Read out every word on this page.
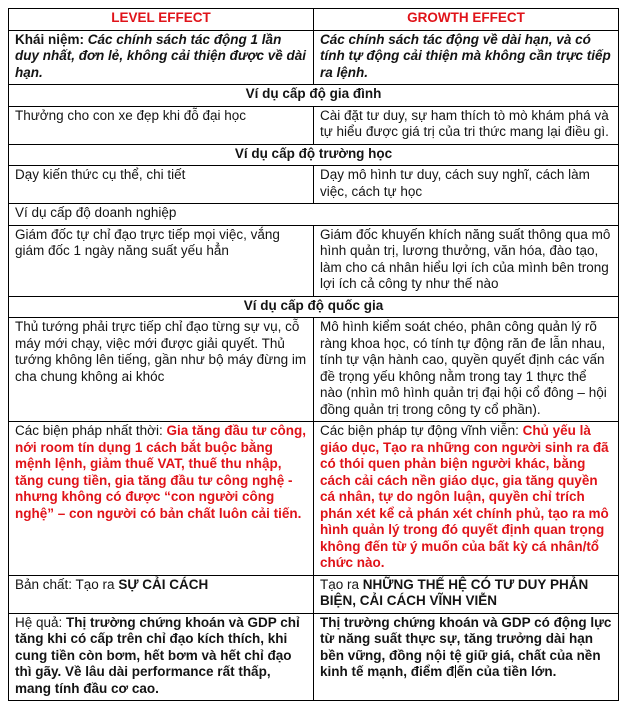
LEVEL EFFECT	GROWTH EFFECT
Khái niệm: Các chính sách tác động 1 lần duy nhất, đơn lẻ, không cải thiện được về dài hạn.	Các chính sách tác động về dài hạn, và có tính tự động cải thiện mà không cần trực tiếp ra lệnh.
Ví dụ cấp độ gia đình	
Thưởng cho con xe đẹp khi đỗ đại học	Cài đặt tư duy, sự ham thích tò mò khám phá và tự hiểu được giá trị của tri thức mang lại điều gì.
Ví dụ cấp độ trường học	
Dạy kiến thức cụ thể, chi tiết	Dạy mô hình tư duy, cách suy nghĩ, cách làm việc, cách tự học
Ví dụ cấp độ doanh nghiệp	
Giám đốc tự chỉ đạo trực tiếp mọi việc, vắng giám đốc 1 ngày năng suất yếu hẳn	Giám đốc khuyến khích năng suất thông qua mô hình quản trị, lương thưởng, văn hóa, đào tạo, làm cho cá nhân hiểu lợi ích của mình bên trong lợi ích cả công ty như thế nào
Ví dụ cấp độ quốc gia	
Thủ tướng phải trực tiếp chỉ đạo từng sự vụ, cỗ máy mới chạy, việc mới được giải quyết. Thủ tướng không lên tiếng, gần như bộ máy đừng im cha chung không ai khóc	Mô hình kiểm soát chéo, phân công quản lý rõ ràng khoa học, có tính tự động răn đe lẫn nhau, tính tự vận hành cao, quyền quyết định các vấn đề trọng yếu không nằm trong tay 1 thực thể nào (nhìn mô hình quản trị đại hội cổ đông – hội đồng quản trị trong công ty cổ phần).
Các biện pháp nhất thời: Gia tăng đầu tư công, nới room tín dụng 1 cách bắt buộc bằng mệnh lệnh, giảm thuế VAT, thuế thu nhập, tăng cung tiền, gia tăng đầu tư công nghệ - nhưng không có được “con người công nghệ” – con người có bản chất luôn cải tiến.	Các biện pháp tự động vĩnh viễn: Chủ yếu là giáo dục, Tạo ra những con người sinh ra đã có thói quen phản biện người khác, bằng cách cải cách nền giáo dục, gia tăng quyền cá nhân, tự do ngôn luận, quyền chỉ trích phán xét kể cả phán xét chính phủ, tạo ra mô hình quản lý trong đó quyết định quan trọng không đến từ ý muốn của bất kỳ cá nhân/tổ chức nào.
Bản chất: Tạo ra SỰ CẢI CÁCH	Tạo ra NHỮNG THẾ HỆ CÓ TƯ DUY PHẢN BIỆN, CẢI CÁCH VĨNH VIỄN
Hệ quả: Thị trường chứng khoán và GDP chỉ tăng khi có cấp trên chỉ đạo kích thích, khi cung tiền còn bơm, hết bơm và hết chỉ đạo thì gãy. Về lâu dài performance rất thấp, mang tính đầu cơ cao.	Thị trường chứng khoán và GDP có động lực từ năng suất thực sự, tăng trưởng dài hạn bền vững, đồng nội tệ giữ giá, chất của nền kinh tế mạnh, điểm đ ến của tiền lớn.
